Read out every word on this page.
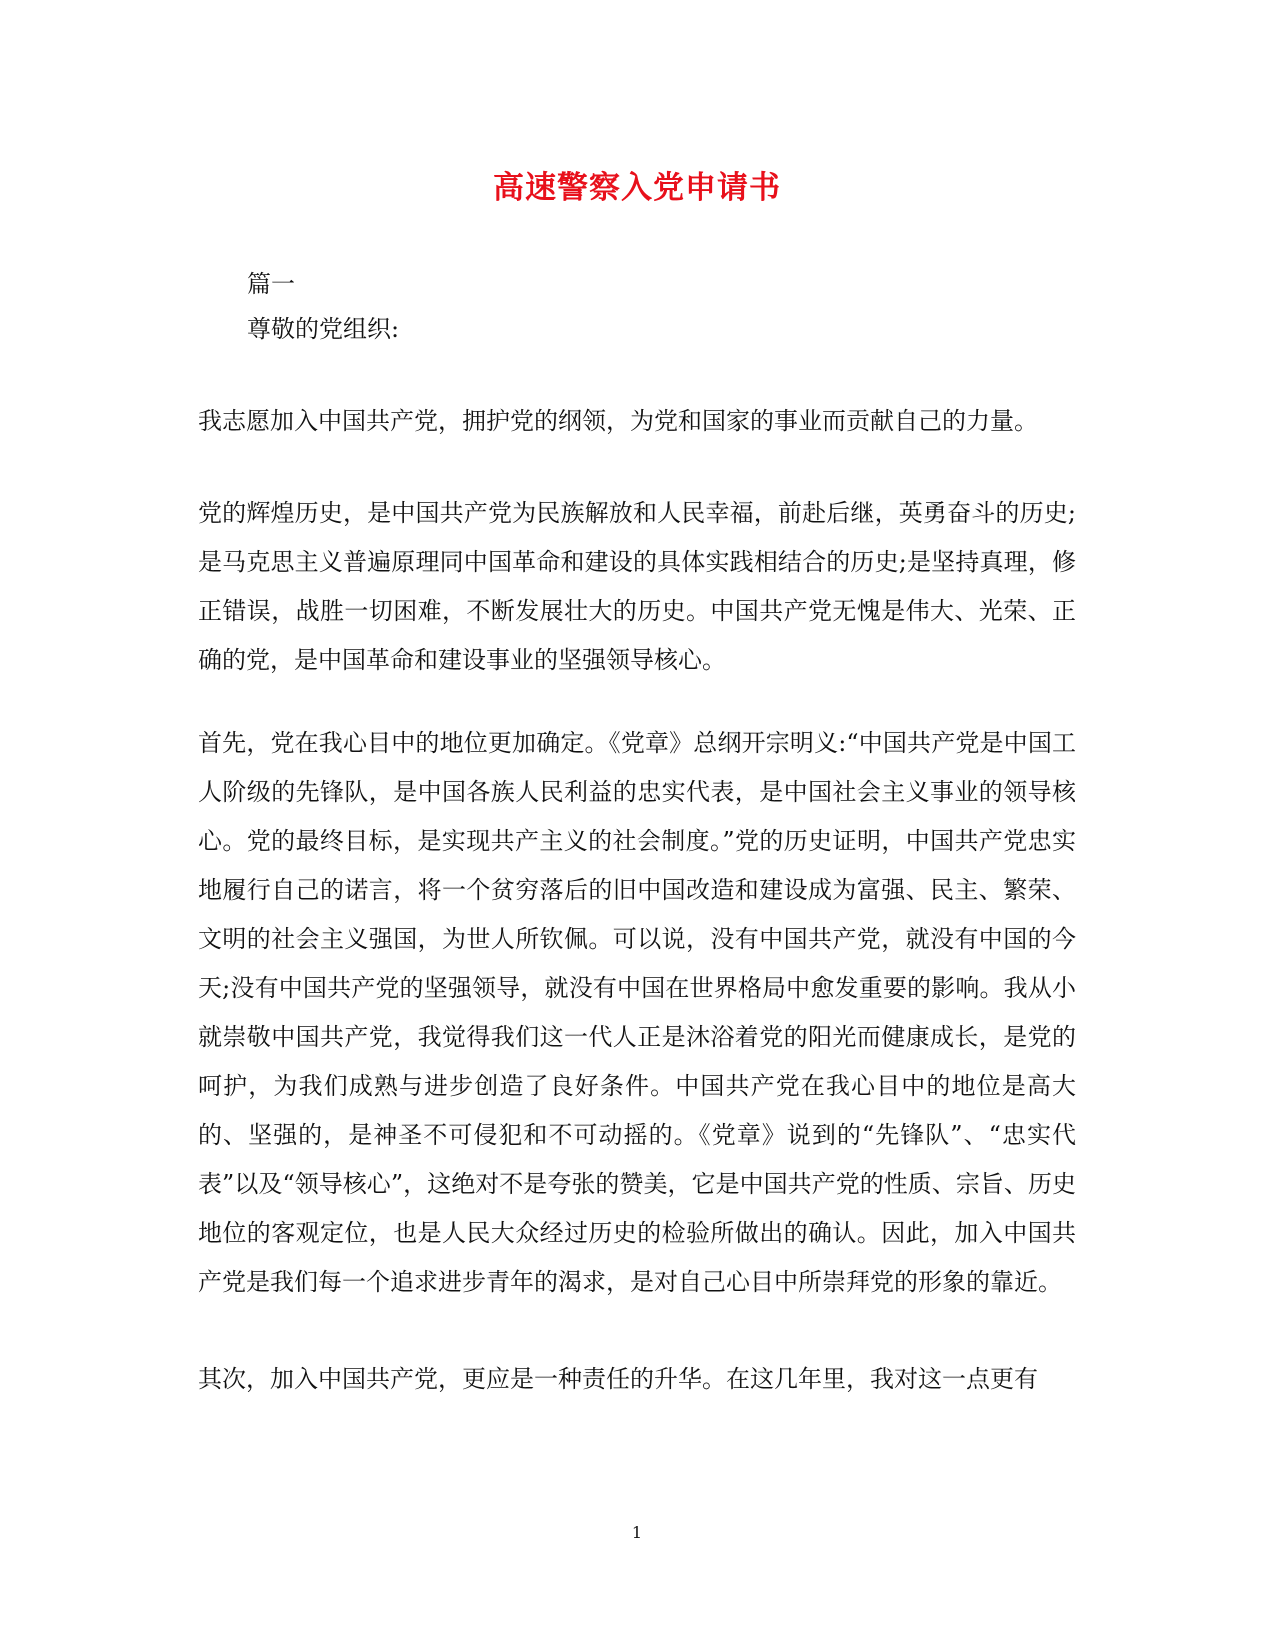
高速警察入党申请书
篇一
尊敬的党组织:
我志愿加入中国共产党，拥护党的纲领，为党和国家的事业而贡献自己的力量。
党的辉煌历史，是中国共产党为民族解放和人民幸福，前赴后继，英勇奋斗的历史;是马克思主义普遍原理同中国革命和建设的具体实践相结合的历史;是坚持真理，修正错误，战胜一切困难，不断发展壮大的历史。中国共产党无愧是伟大、光荣、正确的党，是中国革命和建设事业的坚强领导核心。
首先，党在我心目中的地位更加确定。《党章》总纲开宗明义:“中国共产党是中国工人阶级的先锋队，是中国各族人民利益的忠实代表，是中国社会主义事业的领导核心。党的最终目标，是实现共产主义的社会制度。”党的历史证明，中国共产党忠实地履行自己的诺言，将一个贫穷落后的旧中国改造和建设成为富强、民主、繁荣、文明的社会主义强国，为世人所钦佩。可以说，没有中国共产党，就没有中国的今天;没有中国共产党的坚强领导，就没有中国在世界格局中愈发重要的影响。我从小就崇敬中国共产党，我觉得我们这一代人正是沐浴着党的阳光而健康成长，是党的呵护，为我们成熟与进步创造了良好条件。中国共产党在我心目中的地位是高大的、坚强的，是神圣不可侵犯和不可动摇的。《党章》说到的“先锋队”、“忠实代表”以及“领导核心”，这绝对不是夸张的赞美，它是中国共产党的性质、宗旨、历史地位的客观定位，也是人民大众经过历史的检验所做出的确认。因此，加入中国共产党是我们每一个追求进步青年的渴求，是对自己心目中所崇拜党的形象的靠近。
其次，加入中国共产党，更应是一种责任的升华。在这几年里，我对这一点更有
1
